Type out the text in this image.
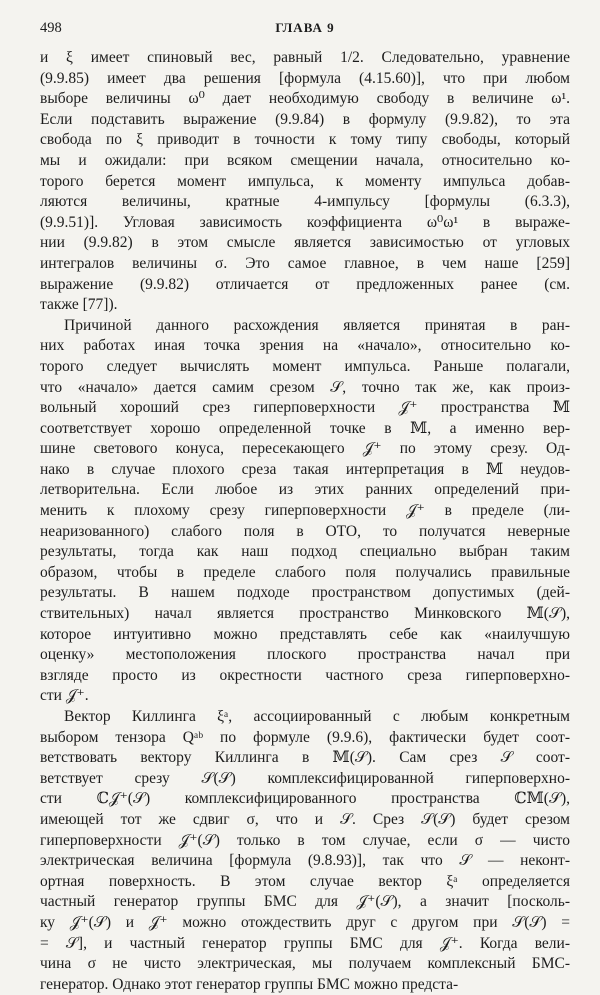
498	ГЛАВА 9
и ξ имеет спиновый вес, равный 1/2. Следовательно, уравнение
(9.9.85) имеет два решения [формула (4.15.60)], что при любом
выборе величины ω⁰ дает необходимую свободу в величине ω¹.
Если подставить выражение (9.9.84) в формулу (9.9.82), то эта
свобода по ξ приводит в точности к тому типу свободы, который
мы и ожидали: при всяком смещении начала, относительно ко-
торого берется момент импульса, к моменту импульса добав-
ляются величины, кратные 4-импульсу [формулы (6.3.3),
(9.9.51)]. Угловая зависимость коэффициента ω⁰ω¹ в выраже-
нии (9.9.82) в этом смысле является зависимостью от угловых
интегралов величины σ. Это самое главное, в чем наше [259]
выражение (9.9.82) отличается от предложенных ранее (см.
также [77]).
Причиной данного расхождения является принятая в ран-
них работах иная точка зрения на «начало», относительно ко-
торого следует вычислять момент импульса. Раньше полагали,
что «начало» дается самим срезом 𝒮, точно так же, как произ-
вольный хороший срез гиперповерхности 𝒥⁺ пространства 𝕄
соответствует хорошо определенной точке в 𝕄, а именно вер-
шине светового конуса, пересекающего 𝒥⁺ по этому срезу. Од-
нако в случае плохого среза такая интерпретация в 𝕄 неудов-
летворительна. Если любое из этих ранних определений при-
менить к плохому срезу гиперповерхности 𝒥⁺ в пределе (ли-
неаризованного) слабого поля в ОТО, то получатся неверные
результаты, тогда как наш подход специально выбран таким
образом, чтобы в пределе слабого поля получались правильные
результаты. В нашем подходе пространством допустимых (дей-
ствительных) начал является пространство Минковского 𝕄(𝒮),
которое интуитивно можно представлять себе как «наилучшую
оценку» местоположения плоского пространства начал при
взгляде просто из окрестности частного среза гиперповерхно-
сти 𝒥⁺.
Вектор Киллинга ξᵃ, ассоциированный с любым конкретным
выбором тензора Qᵃᵇ по формуле (9.9.6), фактически будет соот-
ветствовать вектору Киллинга в 𝕄(𝒮). Сам срез 𝒮 соот-
ветствует срезу 𝒮(𝒮) комплексифицированной гиперповерхно-
сти ℂ𝒥⁺(𝒮) комплексифицированного пространства ℂ𝕄(𝒮),
имеющей тот же сдвиг σ, что и 𝒮. Срез 𝒮(𝒮) будет срезом
гиперповерхности 𝒥⁺(𝒮) только в том случае, если σ — чисто
электрическая величина [формула (9.8.93)], так что 𝒮 — неконт-
ортная поверхность. В этом случае вектор ξᵃ определяется
частный генератор группы БМС для 𝒥⁺(𝒮), а значит [посколь-
ку 𝒥⁺(𝒮) и 𝒥⁺ можно отождествить друг с другом при 𝒮(𝒮) =
= 𝒮], и частный генератор группы БМС для 𝒥⁺. Когда вели-
чина σ не чисто электрическая, мы получаем комплексный БМС-
генератор. Однако этот генератор группы БМС можно предста-
